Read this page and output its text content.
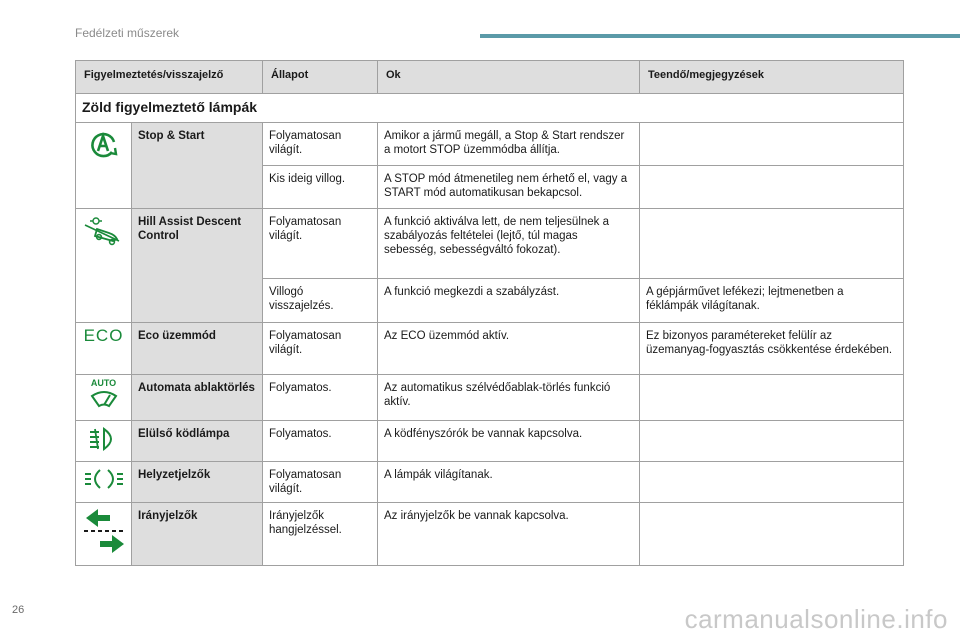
Fedélzeti műszerek
Figyelmeztetés/visszajelző		Állapot	Ok	Teendő/megjegyzések
Zöld figyelmeztető lámpák				
	Stop & Start	Folyamatosan világít.	Amikor a jármű megáll, a Stop & Start rendszer a motort STOP üzemmódba állítja.	
		Kis ideig villog.	A STOP mód átmenetileg nem érhető el, vagy a START mód automatikusan bekapcsol.	
	Hill Assist Descent Control	Folyamatosan világít.	A funkció aktiválva lett, de nem teljesülnek a szabályozás feltételei (lejtő, túl magas sebesség, sebességváltó fokozat).	
		Villogó visszajelzés.	A funkció megkezdi a szabályzást.	A gépjárművet lefékezi; lejtmenetben a féklámpák világítanak.
ECO	Eco üzemmód	Folyamatosan világít.	Az ECO üzemmód aktív.	Ez bizonyos paramétereket felülír az üzemanyag-fogyasztás csökkentése érdekében.

AUTO	Automata ablaktörlés	Folyamatos.	Az automatikus szélvédőablak-törlés funkció aktív.	
	Elülső ködlámpa	Folyamatos.	A ködfényszórók be vannak kapcsolva.	
	Helyzetjelzők	Folyamatosan világít.	A lámpák világítanak.	
	Irányjelzők	Irányjelzők hangjelzéssel.	Az irányjelzők be vannak kapcsolva.	
26	carmanualsonline.info
